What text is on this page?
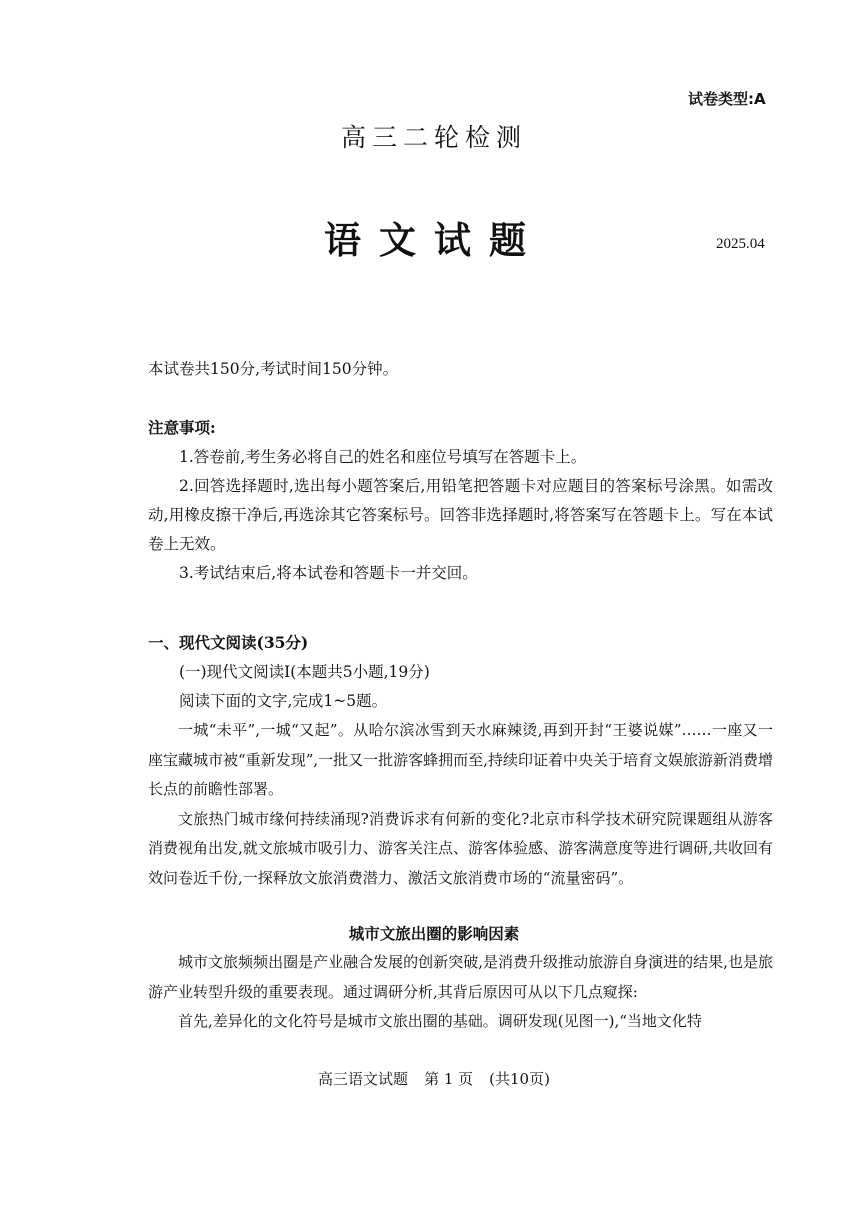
试卷类型:A
高三二轮检测
语文试题	2025.04
本试卷共150分,考试时间150分钟。
注意事项:

1.答卷前,考生务必将自己的姓名和座位号填写在答题卡上。

2.回答选择题时,选出每小题答案后,用铅笔把答题卡对应题目的答案标号涂黑。如需改动,用橡皮擦干净后,再选涂其它答案标号。回答非选择题时,将答案写在答题卡上。写在本试卷上无效。

3.考试结束后,将本试卷和答题卡一并交回。

一、现代文阅读(35分)
(一)现代文阅读I(本题共5小题,19分)
阅读下面的文字,完成1~5题。

一城“未平”,一城“又起”。从哈尔滨冰雪到天水麻辣烫,再到开封“王婆说媒”……一座又一座宝藏城市被“重新发现”,一批又一批游客蜂拥而至,持续印证着中央关于培育文娱旅游新消费增长点的前瞻性部署。

文旅热门城市缘何持续涌现?消费诉求有何新的变化?北京市科学技术研究院课题组从游客消费视角出发,就文旅城市吸引力、游客关注点、游客体验感、游客满意度等进行调研,共收回有效问卷近千份,一探释放文旅消费潜力、激活文旅消费市场的“流量密码”。

城市文旅出圈的影响因素

城市文旅频频出圈是产业融合发展的创新突破,是消费升级推动旅游自身演进的结果,也是旅游产业转型升级的重要表现。通过调研分析,其背后原因可从以下几点窥探:

首先,差异化的文化符号是城市文旅出圈的基础。调研发现(见图一),“当地文化特

高三语文试题 第 1 页 (共10页)
